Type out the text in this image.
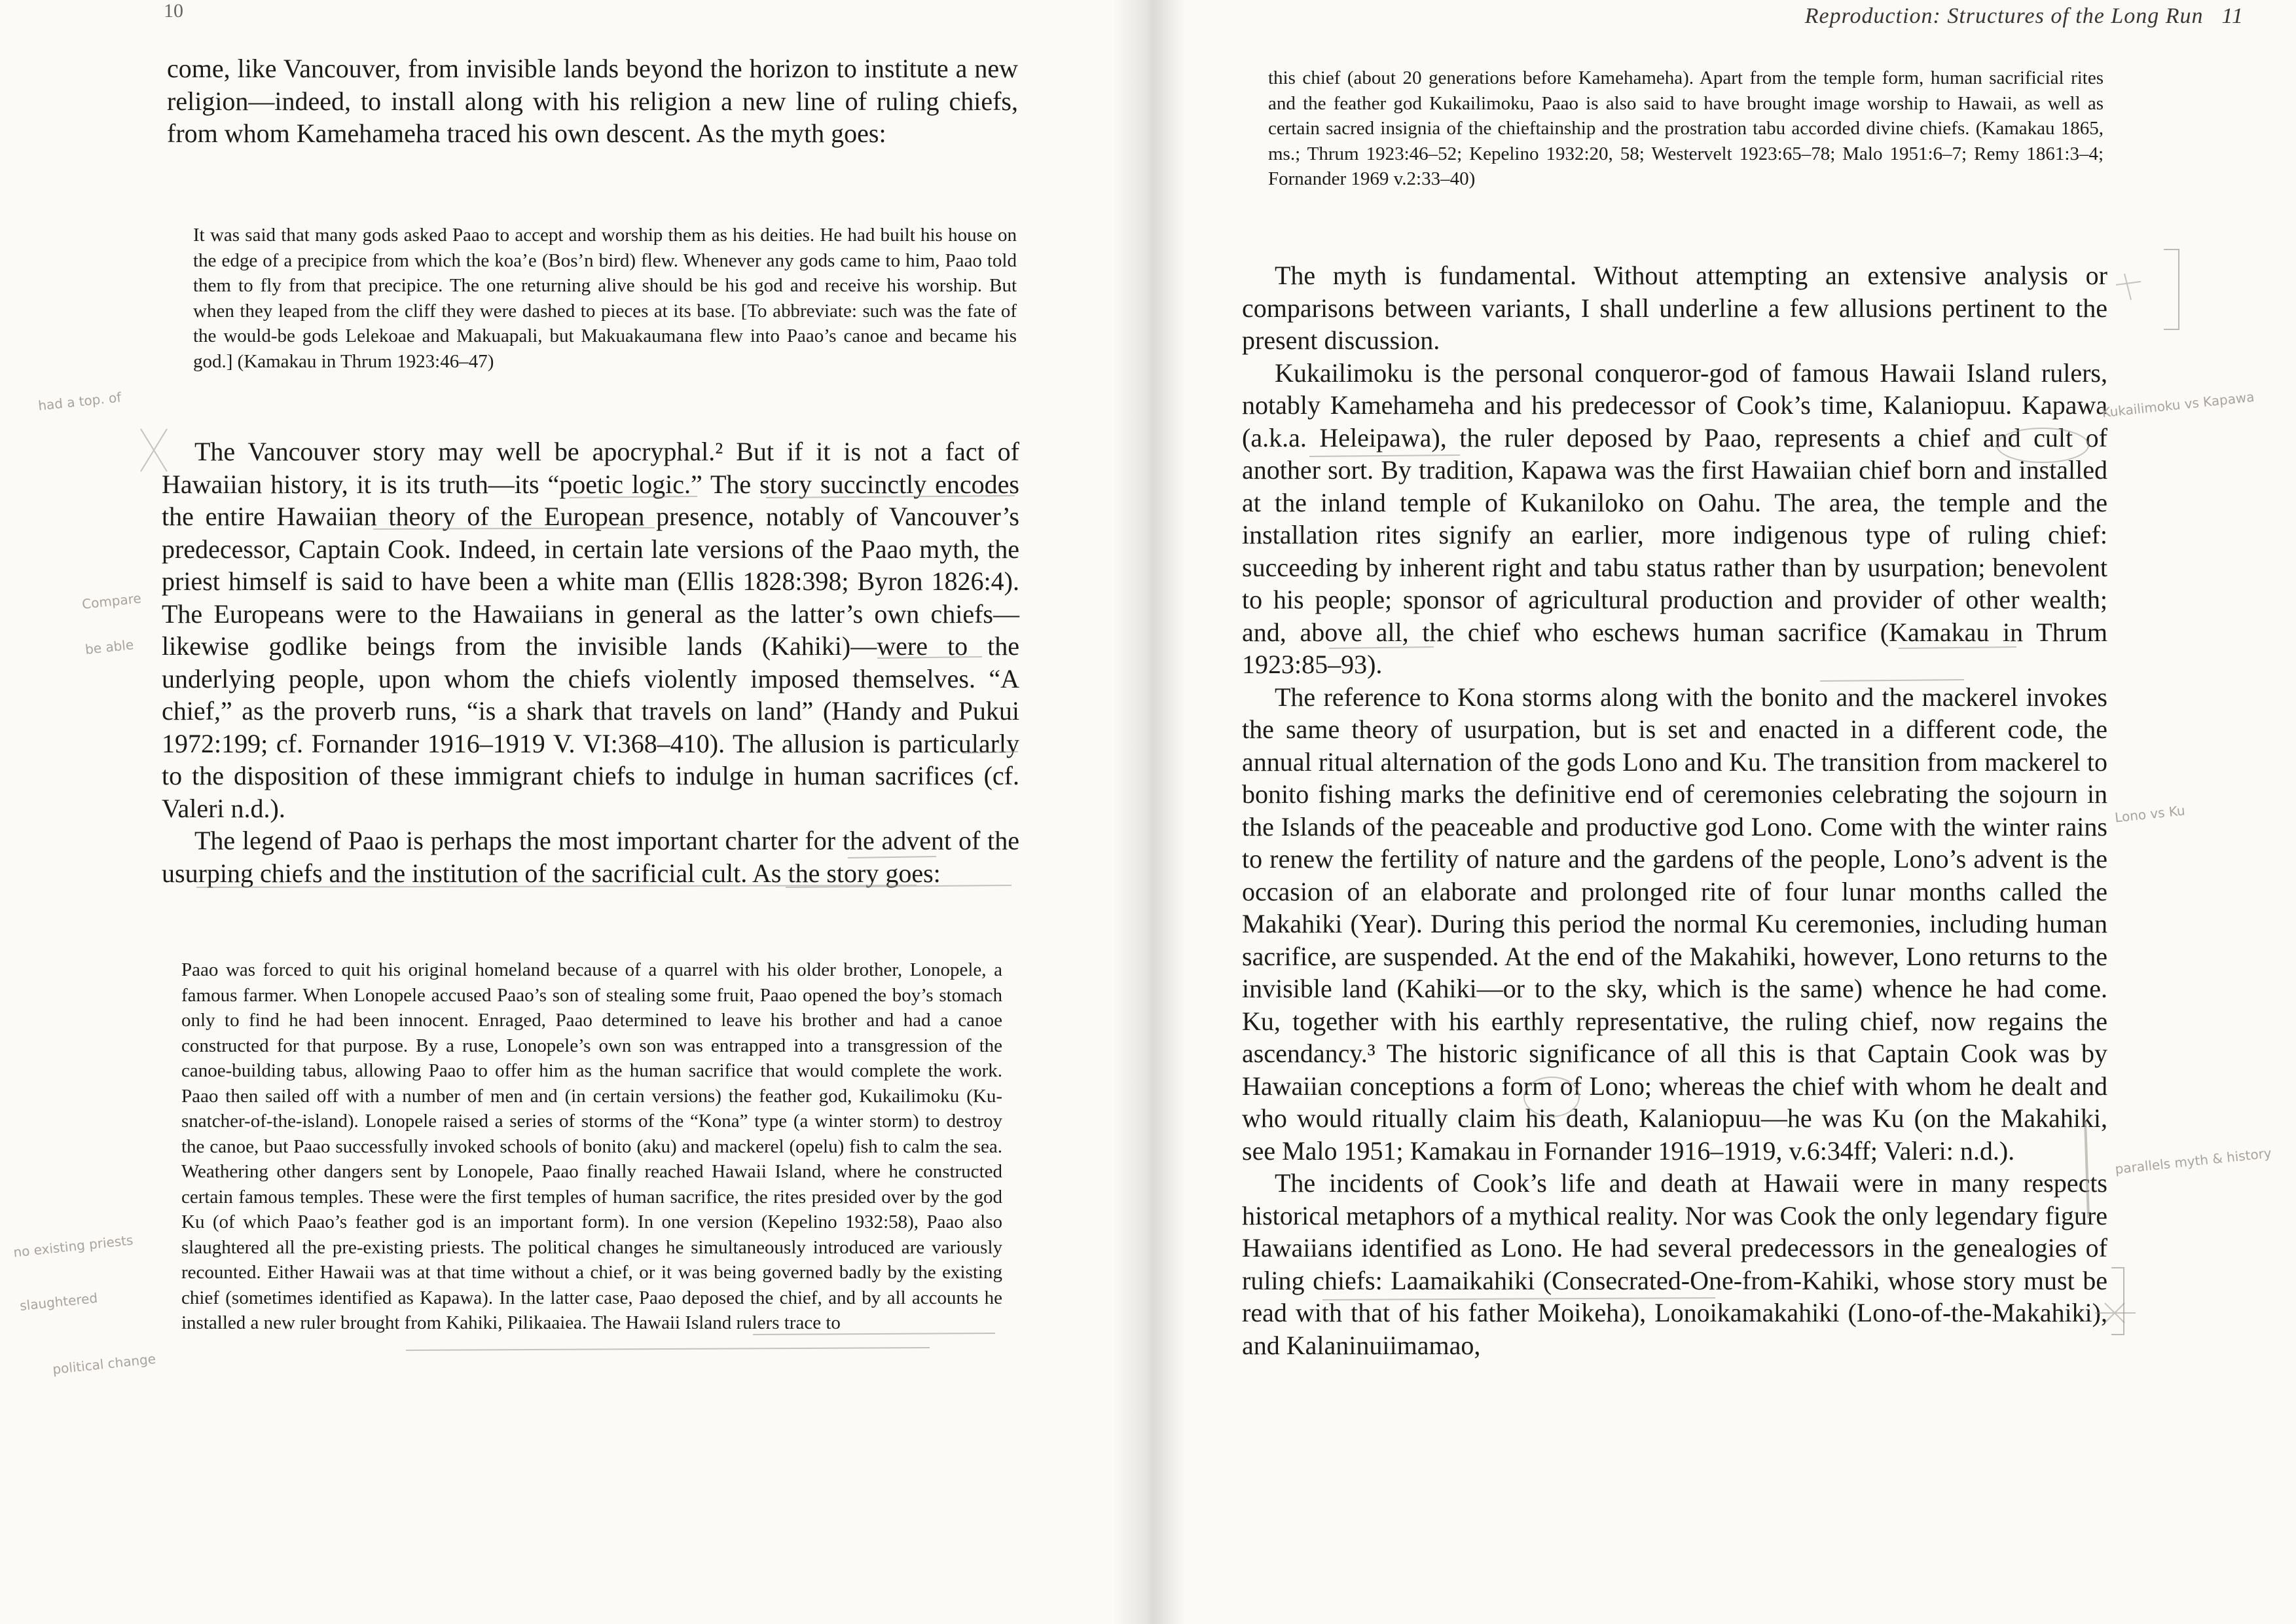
10

come, like Vancouver, from invisible lands beyond the horizon to institute a new religion—indeed, to install along with his religion a new line of ruling chiefs, from whom Kamehameha traced his own descent. As the myth goes:

It was said that many gods asked Paao to accept and worship them as his deities. He had built his house on the edge of a precipice from which the koa’e (Bos’n bird) flew. Whenever any gods came to him, Paao told them to fly from that precipice. The one returning alive should be his god and receive his worship. But when they leaped from the cliff they were dashed to pieces at its base. [To abbreviate: such was the fate of the would-be gods Lelekoae and Makuapali, but Makuakaumana flew into Paao’s canoe and became his god.] (Kamakau in Thrum 1923:46–47)

The Vancouver story may well be apocryphal.² But if it is not a fact of Hawaiian history, it is its truth—its “poetic logic.” The story succinctly encodes the entire Hawaiian theory of the European presence, notably of Vancouver’s predecessor, Captain Cook. Indeed, in certain late versions of the Paao myth, the priest himself is said to have been a white man (Ellis 1828:398; Byron 1826:4). The Europeans were to the Hawaiians in general as the latter’s own chiefs—likewise godlike beings from the invisible lands (Kahiki)—were to the underlying people, upon whom the chiefs violently imposed themselves. “A chief,” as the proverb runs, “is a shark that travels on land” (Handy and Pukui 1972:199; cf. Fornander 1916–1919 V. VI:368–410). The allusion is particularly to the disposition of these immigrant chiefs to indulge in human sacrifices (cf. Valeri n.d.).

The legend of Paao is perhaps the most important charter for the advent of the usurping chiefs and the institution of the sacrificial cult. As the story goes:

Paao was forced to quit his original homeland because of a quarrel with his older brother, Lonopele, a famous farmer. When Lonopele accused Paao’s son of stealing some fruit, Paao opened the boy’s stomach only to find he had been innocent. Enraged, Paao determined to leave his brother and had a canoe constructed for that purpose. By a ruse, Lonopele’s own son was entrapped into a transgression of the canoe-building tabus, allowing Paao to offer him as the human sacrifice that would complete the work. Paao then sailed off with a number of men and (in certain versions) the feather god, Kukailimoku (Ku-snatcher-of-the-island). Lonopele raised a series of storms of the “Kona” type (a winter storm) to destroy the canoe, but Paao successfully invoked schools of bonito (aku) and mackerel (opelu) fish to calm the sea. Weathering other dangers sent by Lonopele, Paao finally reached Hawaii Island, where he constructed certain famous temples. These were the first temples of human sacrifice, the rites presided over by the god Ku (of which Paao’s feather god is an important form). In one version (Kepelino 1932:58), Paao also slaughtered all the pre-existing priests. The political changes he simultaneously introduced are variously recounted. Either Hawaii was at that time without a chief, or it was being governed badly by the existing chief (sometimes identified as Kapawa). In the latter case, Paao deposed the chief, and by all accounts he installed a new ruler brought from Kahiki, Pilikaaiea. The Hawaii Island rulers trace to

had a top. of
Compare
be able
no existing priests
slaughtered
political change
Reproduction: Structures of the Long Run 11

this chief (about 20 generations before Kamehameha). Apart from the temple form, human sacrificial rites and the feather god Kukailimoku, Paao is also said to have brought image worship to Hawaii, as well as certain sacred insignia of the chieftainship and the prostration tabu accorded divine chiefs. (Kamakau 1865, ms.; Thrum 1923:46–52; Kepelino 1932:20, 58; Westervelt 1923:65–78; Malo 1951:6–7; Remy 1861:3–4; Fornander 1969 v.2:33–40)

The myth is fundamental. Without attempting an extensive analysis or comparisons between variants, I shall underline a few allusions pertinent to the present discussion.

Kukailimoku is the personal conqueror-god of famous Hawaii Island rulers, notably Kamehameha and his predecessor of Cook’s time, Kalaniopuu. Kapawa (a.k.a. Heleipawa), the ruler deposed by Paao, represents a chief and cult of another sort. By tradition, Kapawa was the first Hawaiian chief born and installed at the inland temple of Kukaniloko on Oahu. The area, the temple and the installation rites signify an earlier, more indigenous type of ruling chief: succeeding by inherent right and tabu status rather than by usurpation; benevolent to his people; sponsor of agricultural production and provider of other wealth; and, above all, the chief who eschews human sacrifice (Kamakau in Thrum 1923:85–93).

The reference to Kona storms along with the bonito and the mackerel invokes the same theory of usurpation, but is set and enacted in a different code, the annual ritual alternation of the gods Lono and Ku. The transition from mackerel to bonito fishing marks the definitive end of ceremonies celebrating the sojourn in the Islands of the peaceable and productive god Lono. Come with the winter rains to renew the fertility of nature and the gardens of the people, Lono’s advent is the occasion of an elaborate and prolonged rite of four lunar months called the Makahiki (Year). During this period the normal Ku ceremonies, including human sacrifice, are suspended. At the end of the Makahiki, however, Lono returns to the invisible land (Kahiki—or to the sky, which is the same) whence he had come. Ku, together with his earthly representative, the ruling chief, now regains the ascendancy.³ The historic significance of all this is that Captain Cook was by Hawaiian conceptions a form of Lono; whereas the chief with whom he dealt and who would ritually claim his death, Kalaniopuu—he was Ku (on the Makahiki, see Malo 1951; Kamakau in Fornander 1916–1919, v.6:34ff; Valeri: n.d.).

The incidents of Cook’s life and death at Hawaii were in many respects historical metaphors of a mythical reality. Nor was Cook the only legendary figure Hawaiians identified as Lono. He had several predecessors in the genealogies of ruling chiefs: Laamaikahiki (Consecrated-One-from-Kahiki, whose story must be read with that of his father Moikeha), Lonoikamakahiki (Lono-of-the-Makahiki), and Kalaninuiimamao,

Kukailimoku vs Kapawa
Lono vs Ku
parallels myth & history
